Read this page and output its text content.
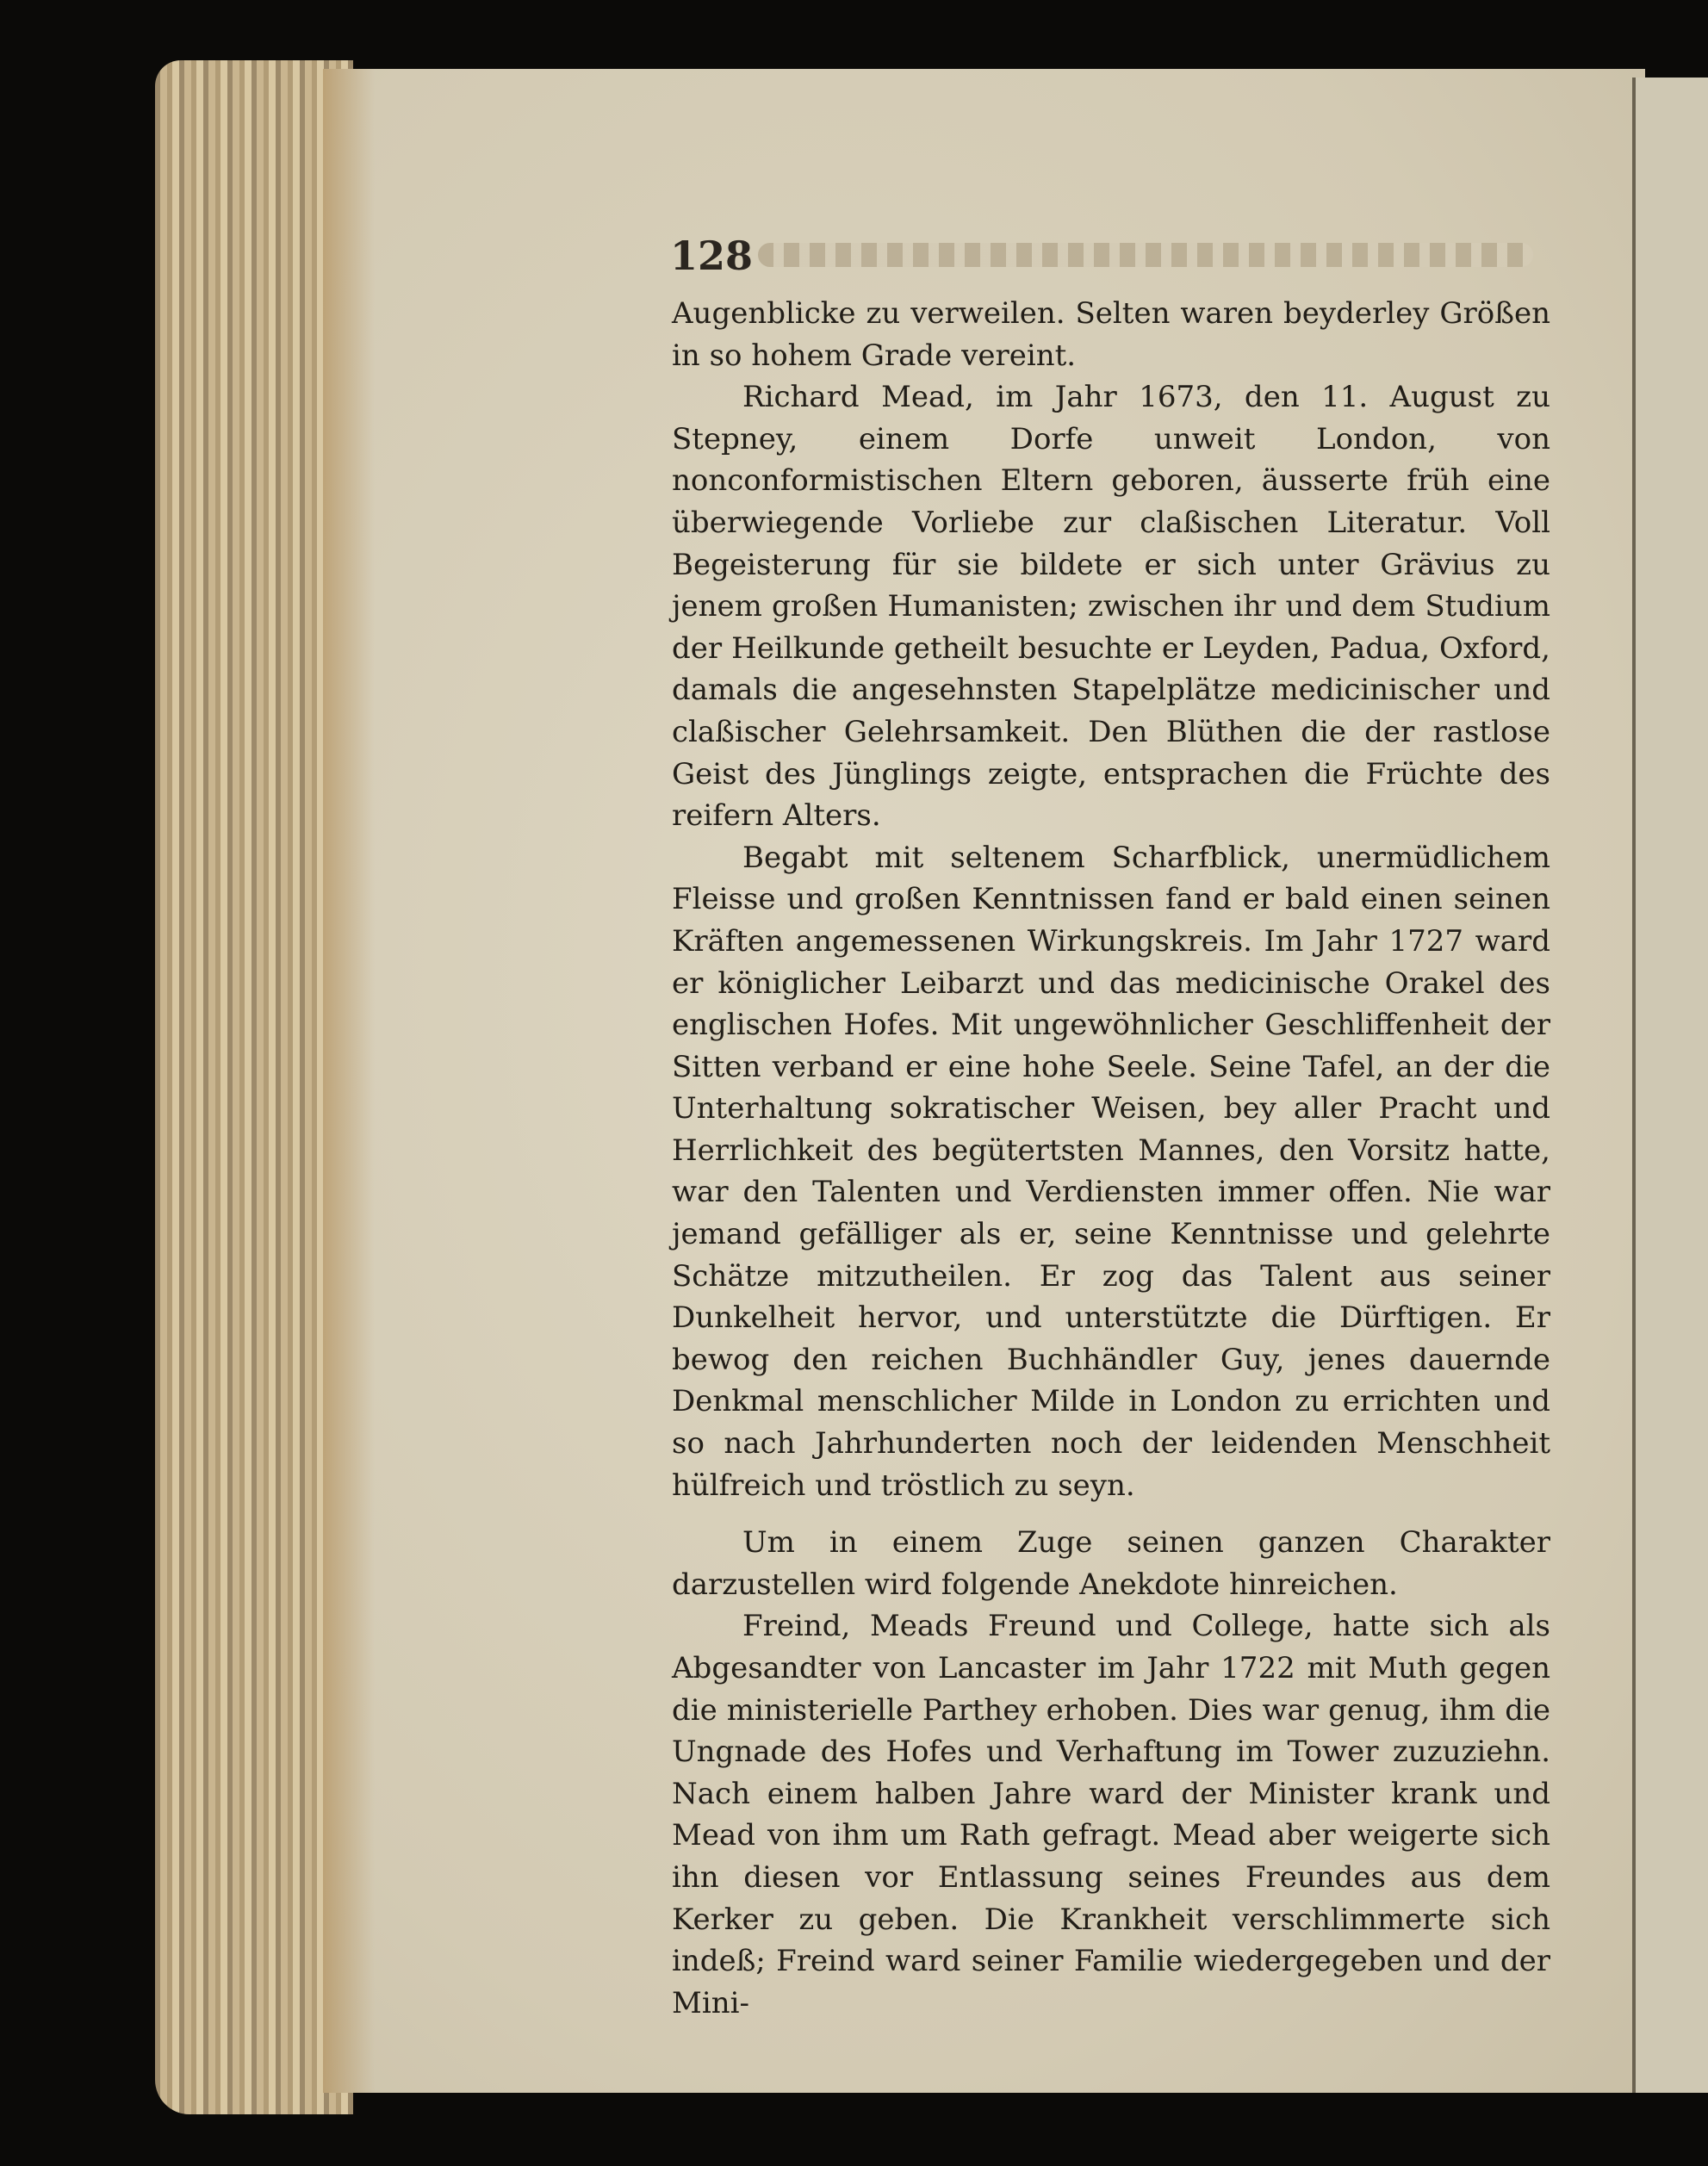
128

Augenblicke zu verweilen. Selten waren beyderley Größen in so hohem Grade vereint.

Richard Mead, im Jahr 1673, den 11. August zu Stepney, einem Dorfe unweit London, von nonconformistischen Eltern geboren, äusserte früh eine überwiegende Vorliebe zur claßischen Literatur. Voll Begeisterung für sie bildete er sich unter Grävius zu jenem großen Humanisten; zwischen ihr und dem Studium der Heilkunde getheilt besuchte er Leyden, Padua, Oxford, damals die angesehnsten Stapelplätze medicinischer und claßischer Gelehrsamkeit. Den Blüthen die der rastlose Geist des Jünglings zeigte, entsprachen die Früchte des reifern Alters.

Begabt mit seltenem Scharfblick, unermüdlichem Fleisse und großen Kenntnissen fand er bald einen seinen Kräften angemessenen Wirkungskreis. Im Jahr 1727 ward er königlicher Leibarzt und das medicinische Orakel des englischen Hofes. Mit ungewöhnlicher Geschliffenheit der Sitten verband er eine hohe Seele. Seine Tafel, an der die Unterhaltung sokratischer Weisen, bey aller Pracht und Herrlichkeit des begütertsten Mannes, den Vorsitz hatte, war den Talenten und Verdiensten immer offen. Nie war jemand gefälliger als er, seine Kenntnisse und gelehrte Schätze mitzutheilen. Er zog das Talent aus seiner Dunkelheit hervor, und unterstützte die Dürftigen. Er bewog den reichen Buchhändler Guy, jenes dauernde Denkmal menschlicher Milde in London zu errichten und so nach Jahrhunderten noch der leidenden Menschheit hülfreich und tröstlich zu seyn.

Um in einem Zuge seinen ganzen Charakter darzustellen wird folgende Anekdote hinreichen.

Freind, Meads Freund und College, hatte sich als Abgesandter von Lancaster im Jahr 1722 mit Muth gegen die ministerielle Parthey erhoben. Dies war genug, ihm die Ungnade des Hofes und Verhaftung im Tower zuzuziehn. Nach einem halben Jahre ward der Minister krank und Mead von ihm um Rath gefragt. Mead aber weigerte sich ihn diesen vor Entlassung seines Freundes aus dem Kerker zu geben. Die Krankheit verschlimmerte sich indeß; Freind ward seiner Familie wiedergegeben und der Mini-
